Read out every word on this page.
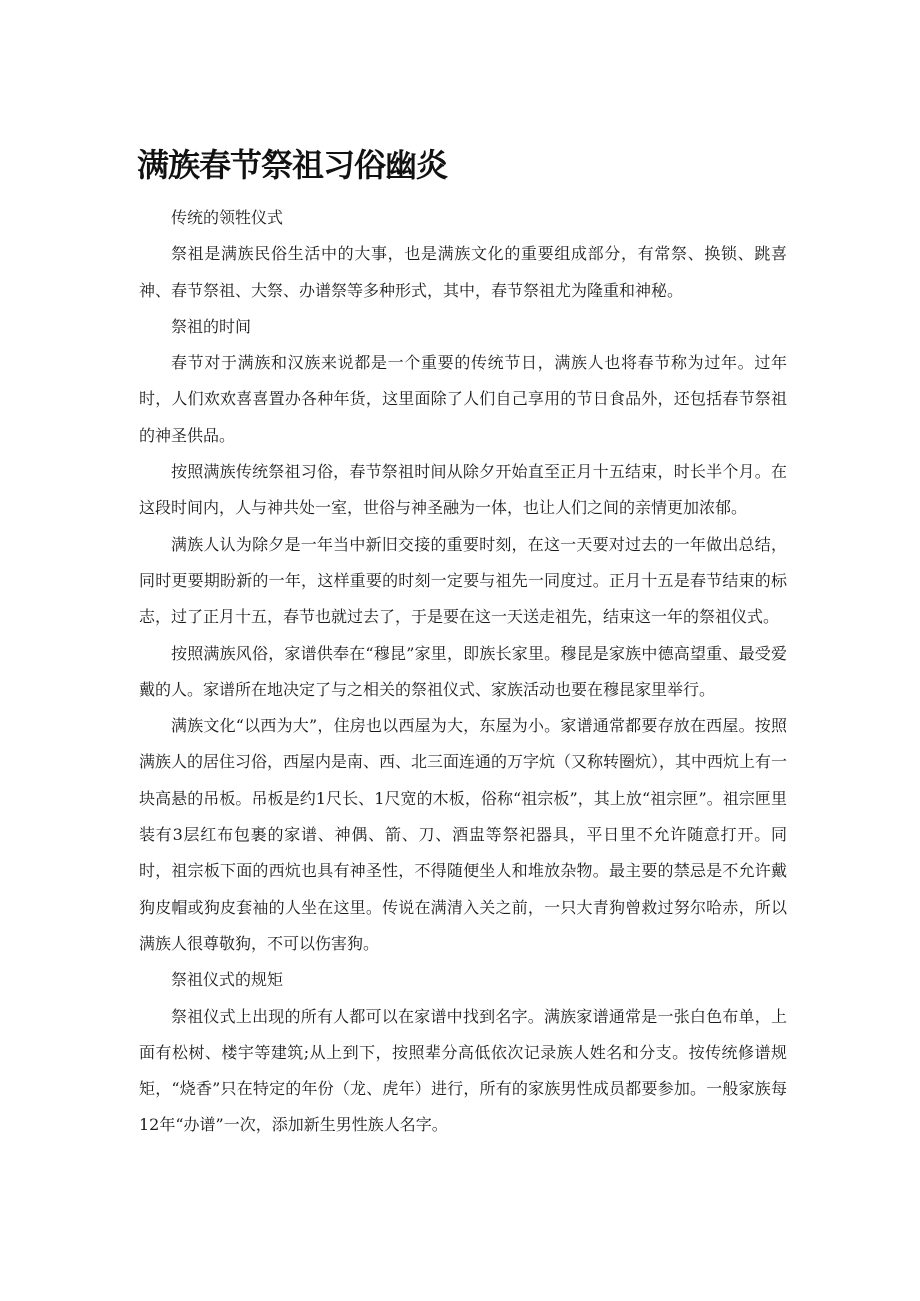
满族春节祭祖习俗幽炎

传统的领牲仪式

祭祖是满族民俗生活中的大事，也是满族文化的重要组成部分，有常祭、换锁、跳喜神、春节祭祖、大祭、办谱祭等多种形式，其中，春节祭祖尤为隆重和神秘。

祭祖的时间

春节对于满族和汉族来说都是一个重要的传统节日，满族人也将春节称为过年。过年时，人们欢欢喜喜置办各种年货，这里面除了人们自己享用的节日食品外，还包括春节祭祖的神圣供品。

按照满族传统祭祖习俗，春节祭祖时间从除夕开始直至正月十五结束，时长半个月。在这段时间内，人与神共处一室，世俗与神圣融为一体，也让人们之间的亲情更加浓郁。

满族人认为除夕是一年当中新旧交接的重要时刻，在这一天要对过去的一年做出总结，同时更要期盼新的一年，这样重要的时刻一定要与祖先一同度过。正月十五是春节结束的标志，过了正月十五，春节也就过去了，于是要在这一天送走祖先，结束这一年的祭祖仪式。

按照满族风俗，家谱供奉在“穆昆”家里，即族长家里。穆昆是家族中德高望重、最受爱戴的人。家谱所在地决定了与之相关的祭祖仪式、家族活动也要在穆昆家里举行。

满族文化“以西为大”，住房也以西屋为大，东屋为小。家谱通常都要存放在西屋。按照满族人的居住习俗，西屋内是南、西、北三面连通的万字炕（又称转圈炕），其中西炕上有一块高悬的吊板。吊板是约1尺长、1尺宽的木板，俗称“祖宗板”，其上放“祖宗匣”。祖宗匣里装有3层红布包裹的家谱、神偶、箭、刀、酒盅等祭祀器具，平日里不允许随意打开。同时，祖宗板下面的西炕也具有神圣性，不得随便坐人和堆放杂物。最主要的禁忌是不允许戴狗皮帽或狗皮套袖的人坐在这里。传说在满清入关之前，一只大青狗曾救过努尔哈赤，所以满族人很尊敬狗，不可以伤害狗。

祭祖仪式的规矩

祭祖仪式上出现的所有人都可以在家谱中找到名字。满族家谱通常是一张白色布单，上面有松树、楼宇等建筑;从上到下，按照辈分高低依次记录族人姓名和分支。按传统修谱规矩，“烧香”只在特定的年份（龙、虎年）进行，所有的家族男性成员都要参加。一般家族每12年“办谱”一次，添加新生男性族人名字。
